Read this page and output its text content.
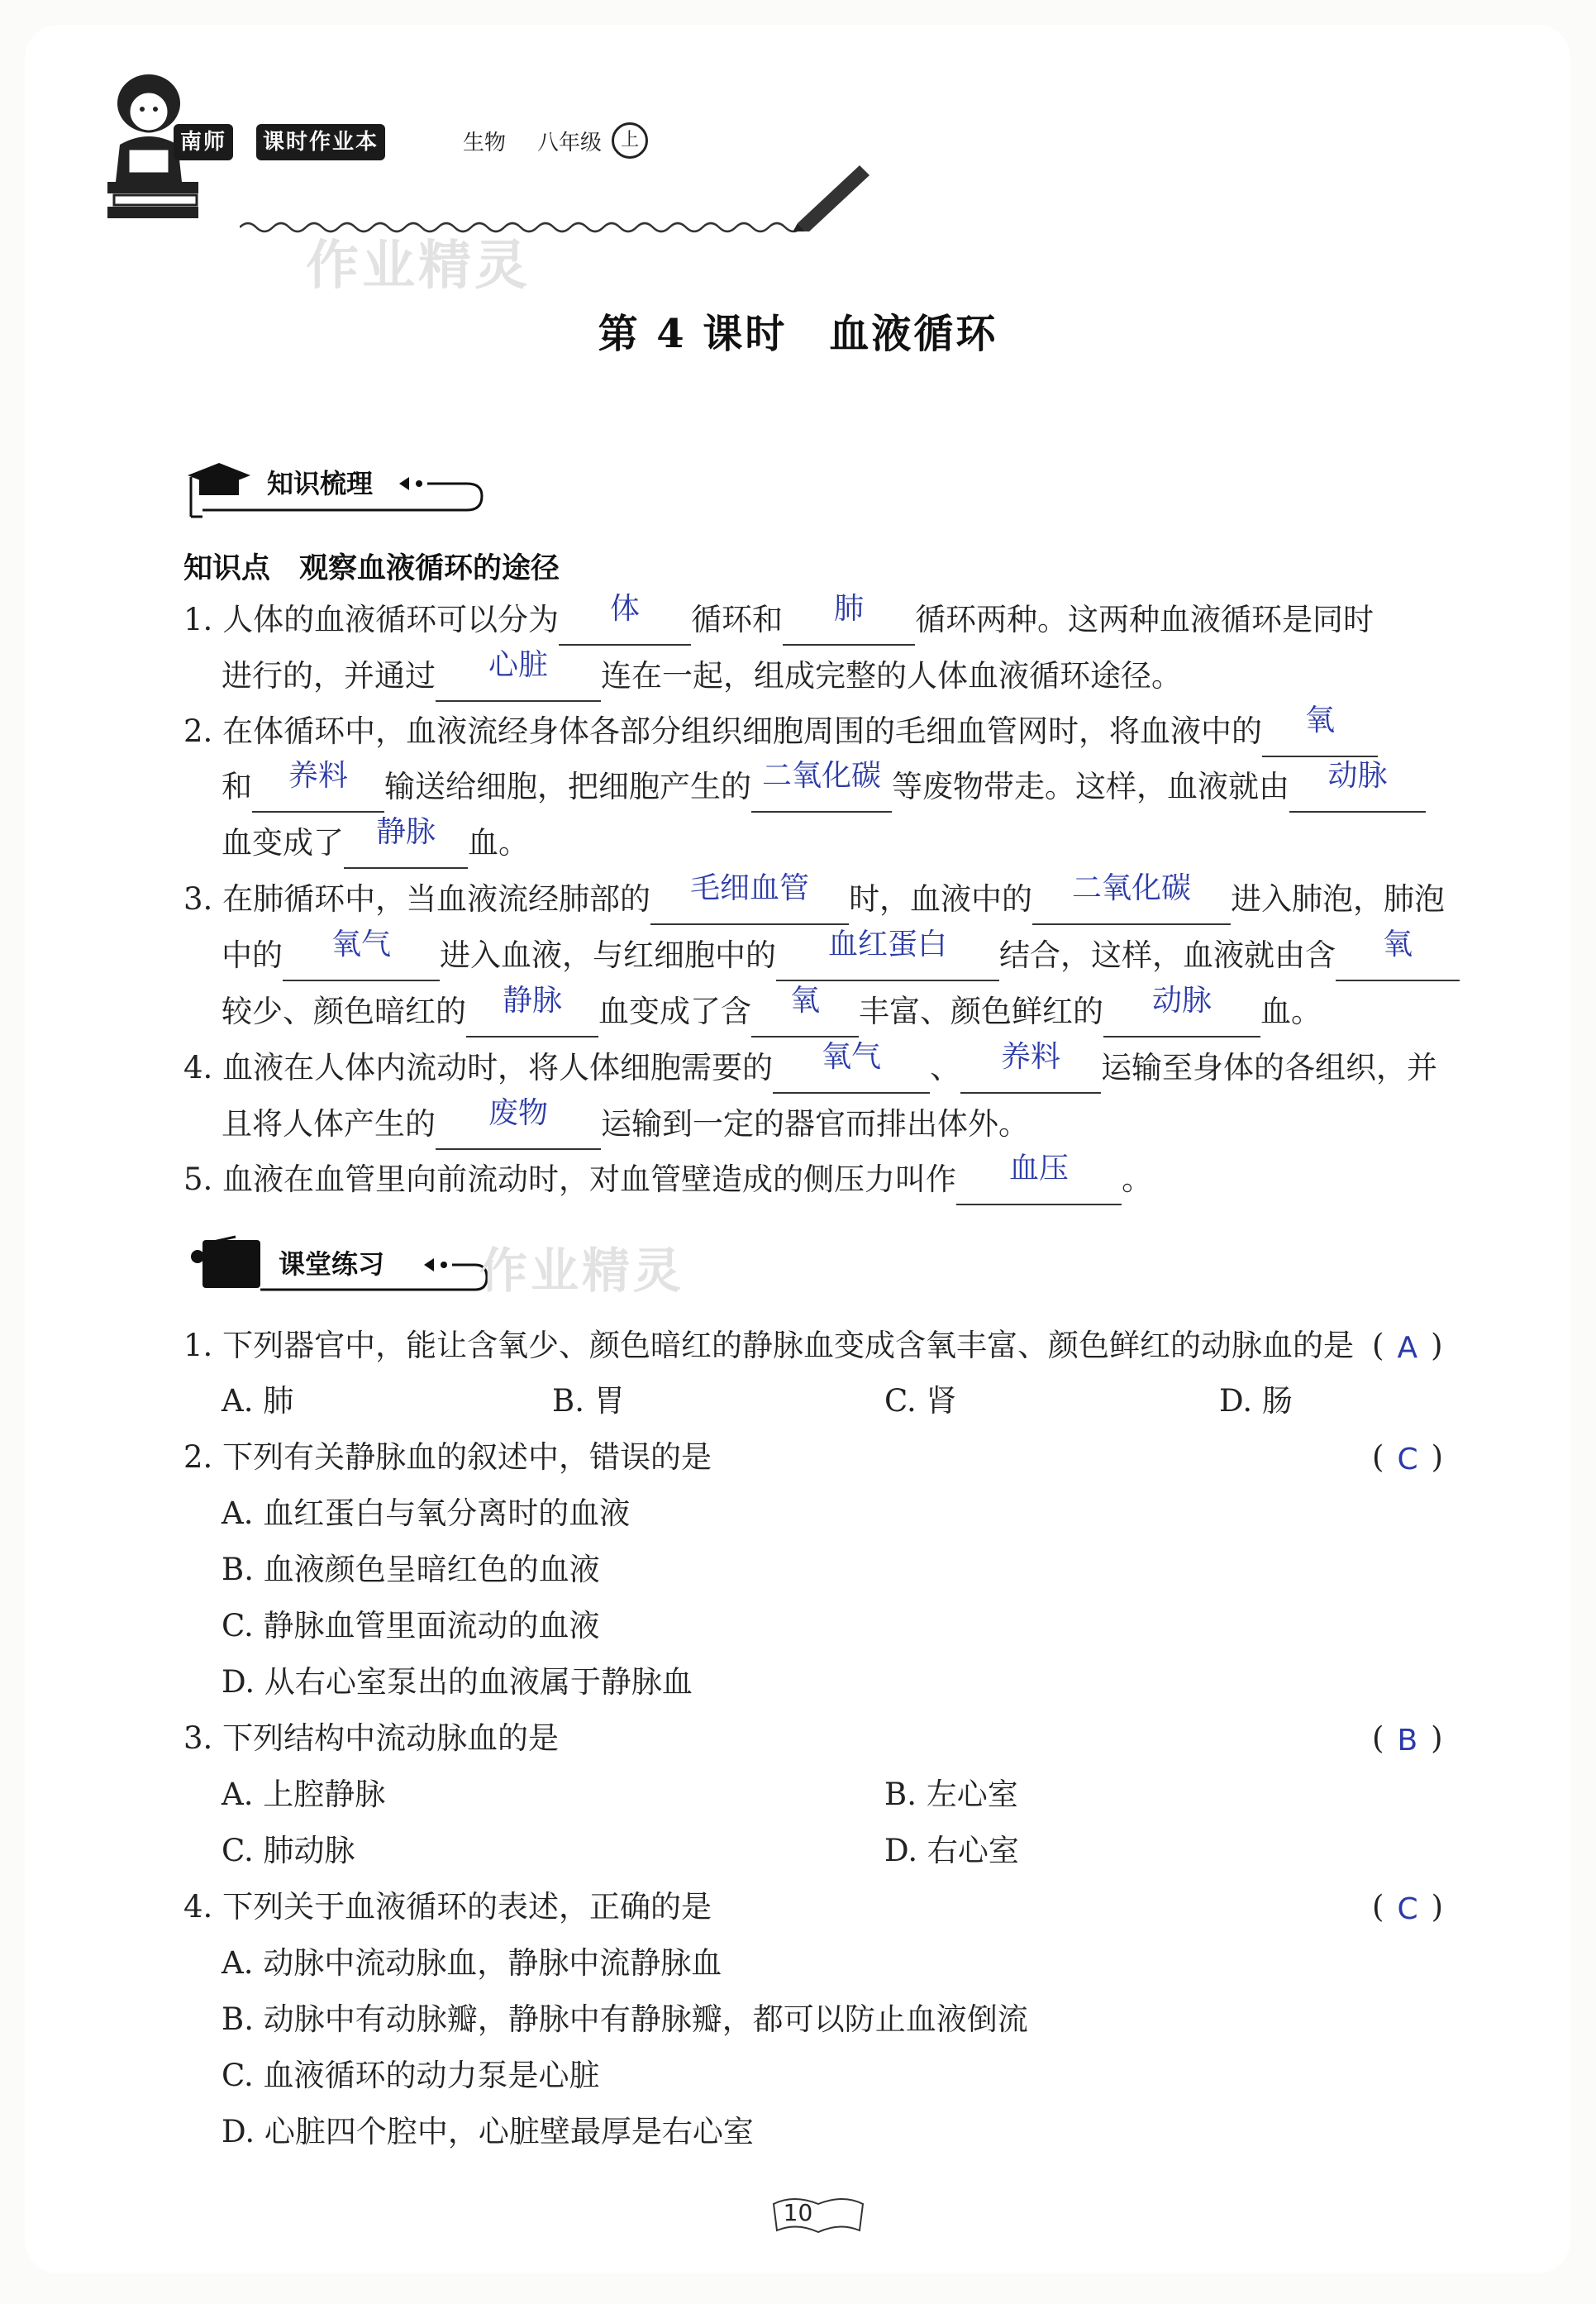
南师	课时作业本	生物 八年级	上
作业精灵
第 4 课时　血液循环
知识梳理
知识点　观察血液循环的途径
1. 人体的血液循环可以分为 体 循环和 肺 循环两种。这两种血液循环是同时
进行的，并通过 心脏 连在一起，组成完整的人体血液循环途径。
2. 在体循环中，血液流经身体各部分组织细胞周围的毛细血管网时，将血液中的 氧
和 养料 输送给细胞，把细胞产生的 二氧化碳 等废物带走。这样，血液就由 动脉
血变成了 静脉 血。
3. 在肺循环中，当血液流经肺部的 毛细血管 时，血液中的 二氧化碳 进入肺泡，肺泡
中的 氧气 进入血液，与红细胞中的 血红蛋白 结合，这样，血液就由含 氧
较少、颜色暗红的 静脉 血变成了含 氧 丰富、颜色鲜红的 动脉 血。
4. 血液在人体内流动时，将人体细胞需要的 氧气 、 养料 运输至身体的各组织，并
且将人体产生的 废物 运输到一定的器官而排出体外。
5. 血液在血管里向前流动时，对血管壁造成的侧压力叫作 血压 。
课堂练习 作业精灵
1. 下列器官中，能让含氧少、颜色暗红的静脉血变成含氧丰富、颜色鲜红的动脉血的是 ( A )
A. 肺	B. 胃	C. 肾	D. 肠
2. 下列有关静脉血的叙述中，错误的是	( C )
A. 血红蛋白与氧分离时的血液
B. 血液颜色呈暗红色的血液
C. 静脉血管里面流动的血液
D. 从右心室泵出的血液属于静脉血
3. 下列结构中流动脉血的是	( B )
A. 上腔静脉	B. 左心室
C. 肺动脉	D. 右心室
4. 下列关于血液循环的表述，正确的是	( C )
A. 动脉中流动脉血，静脉中流静脉血
B. 动脉中有动脉瓣，静脉中有静脉瓣，都可以防止血液倒流
C. 血液循环的动力泵是心脏
D. 心脏四个腔中，心脏壁最厚是右心室
10
